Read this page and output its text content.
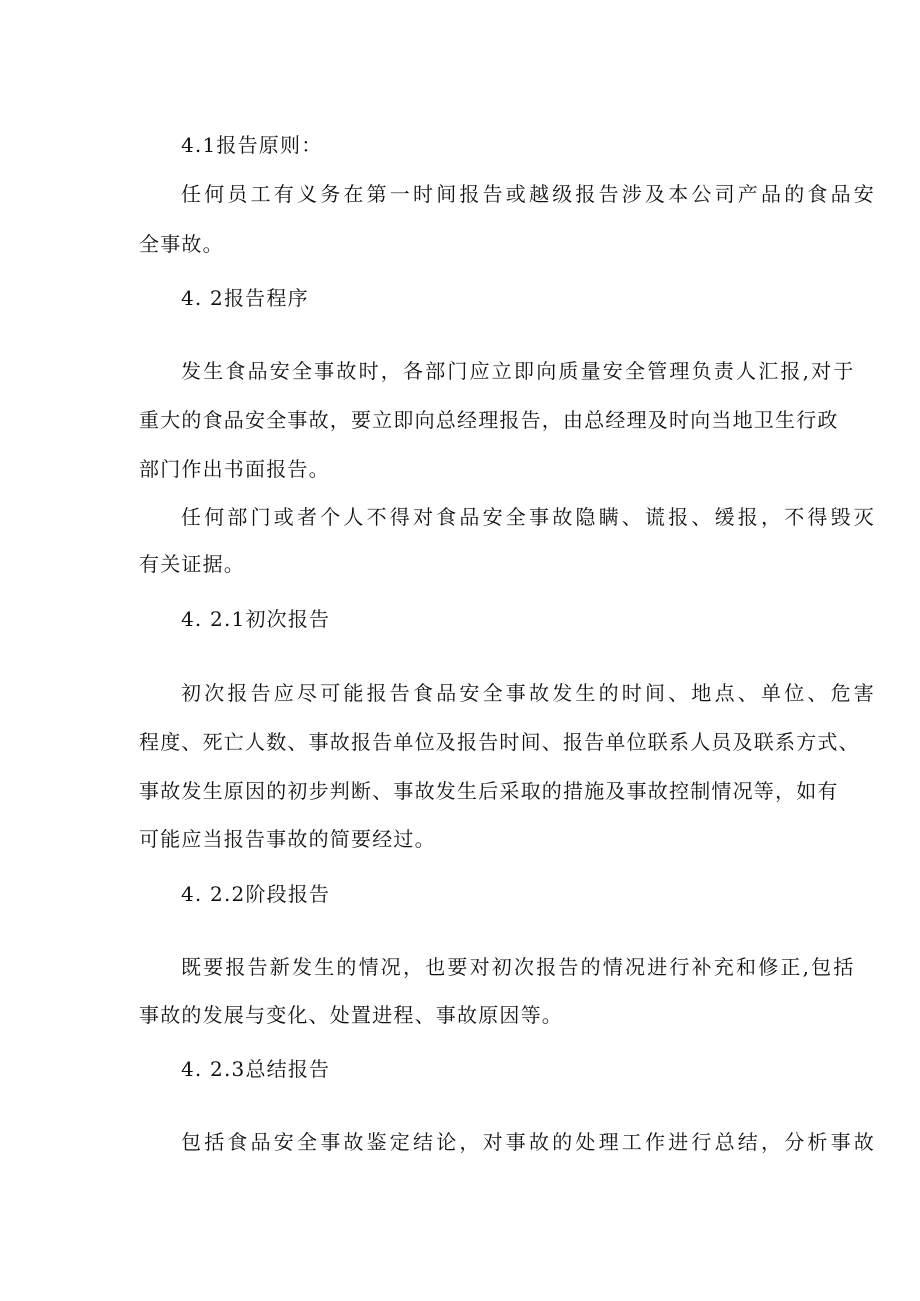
4.1报告原则：
任何员工有义务在第一时间报告或越级报告涉及本公司产品的食品安
全事故。
4. 2报告程序
发生食品安全事故时，各部门应立即向质量安全管理负责人汇报,对于
重大的食品安全事故，要立即向总经理报告，由总经理及时向当地卫生行政
部门作出书面报告。
任何部门或者个人不得对食品安全事故隐瞒、谎报、缓报，不得毁灭
有关证据。
4. 2.1初次报告
初次报告应尽可能报告食品安全事故发生的时间、地点、单位、危害
程度、死亡人数、事故报告单位及报告时间、报告单位联系人员及联系方式、
事故发生原因的初步判断、事故发生后采取的措施及事故控制情况等，如有
可能应当报告事故的简要经过。
4. 2.2阶段报告
既要报告新发生的情况，也要对初次报告的情况进行补充和修正,包括
事故的发展与变化、处置进程、事故原因等。
4. 2.3总结报告
包括食品安全事故鉴定结论，对事故的处理工作进行总结，分析事故
